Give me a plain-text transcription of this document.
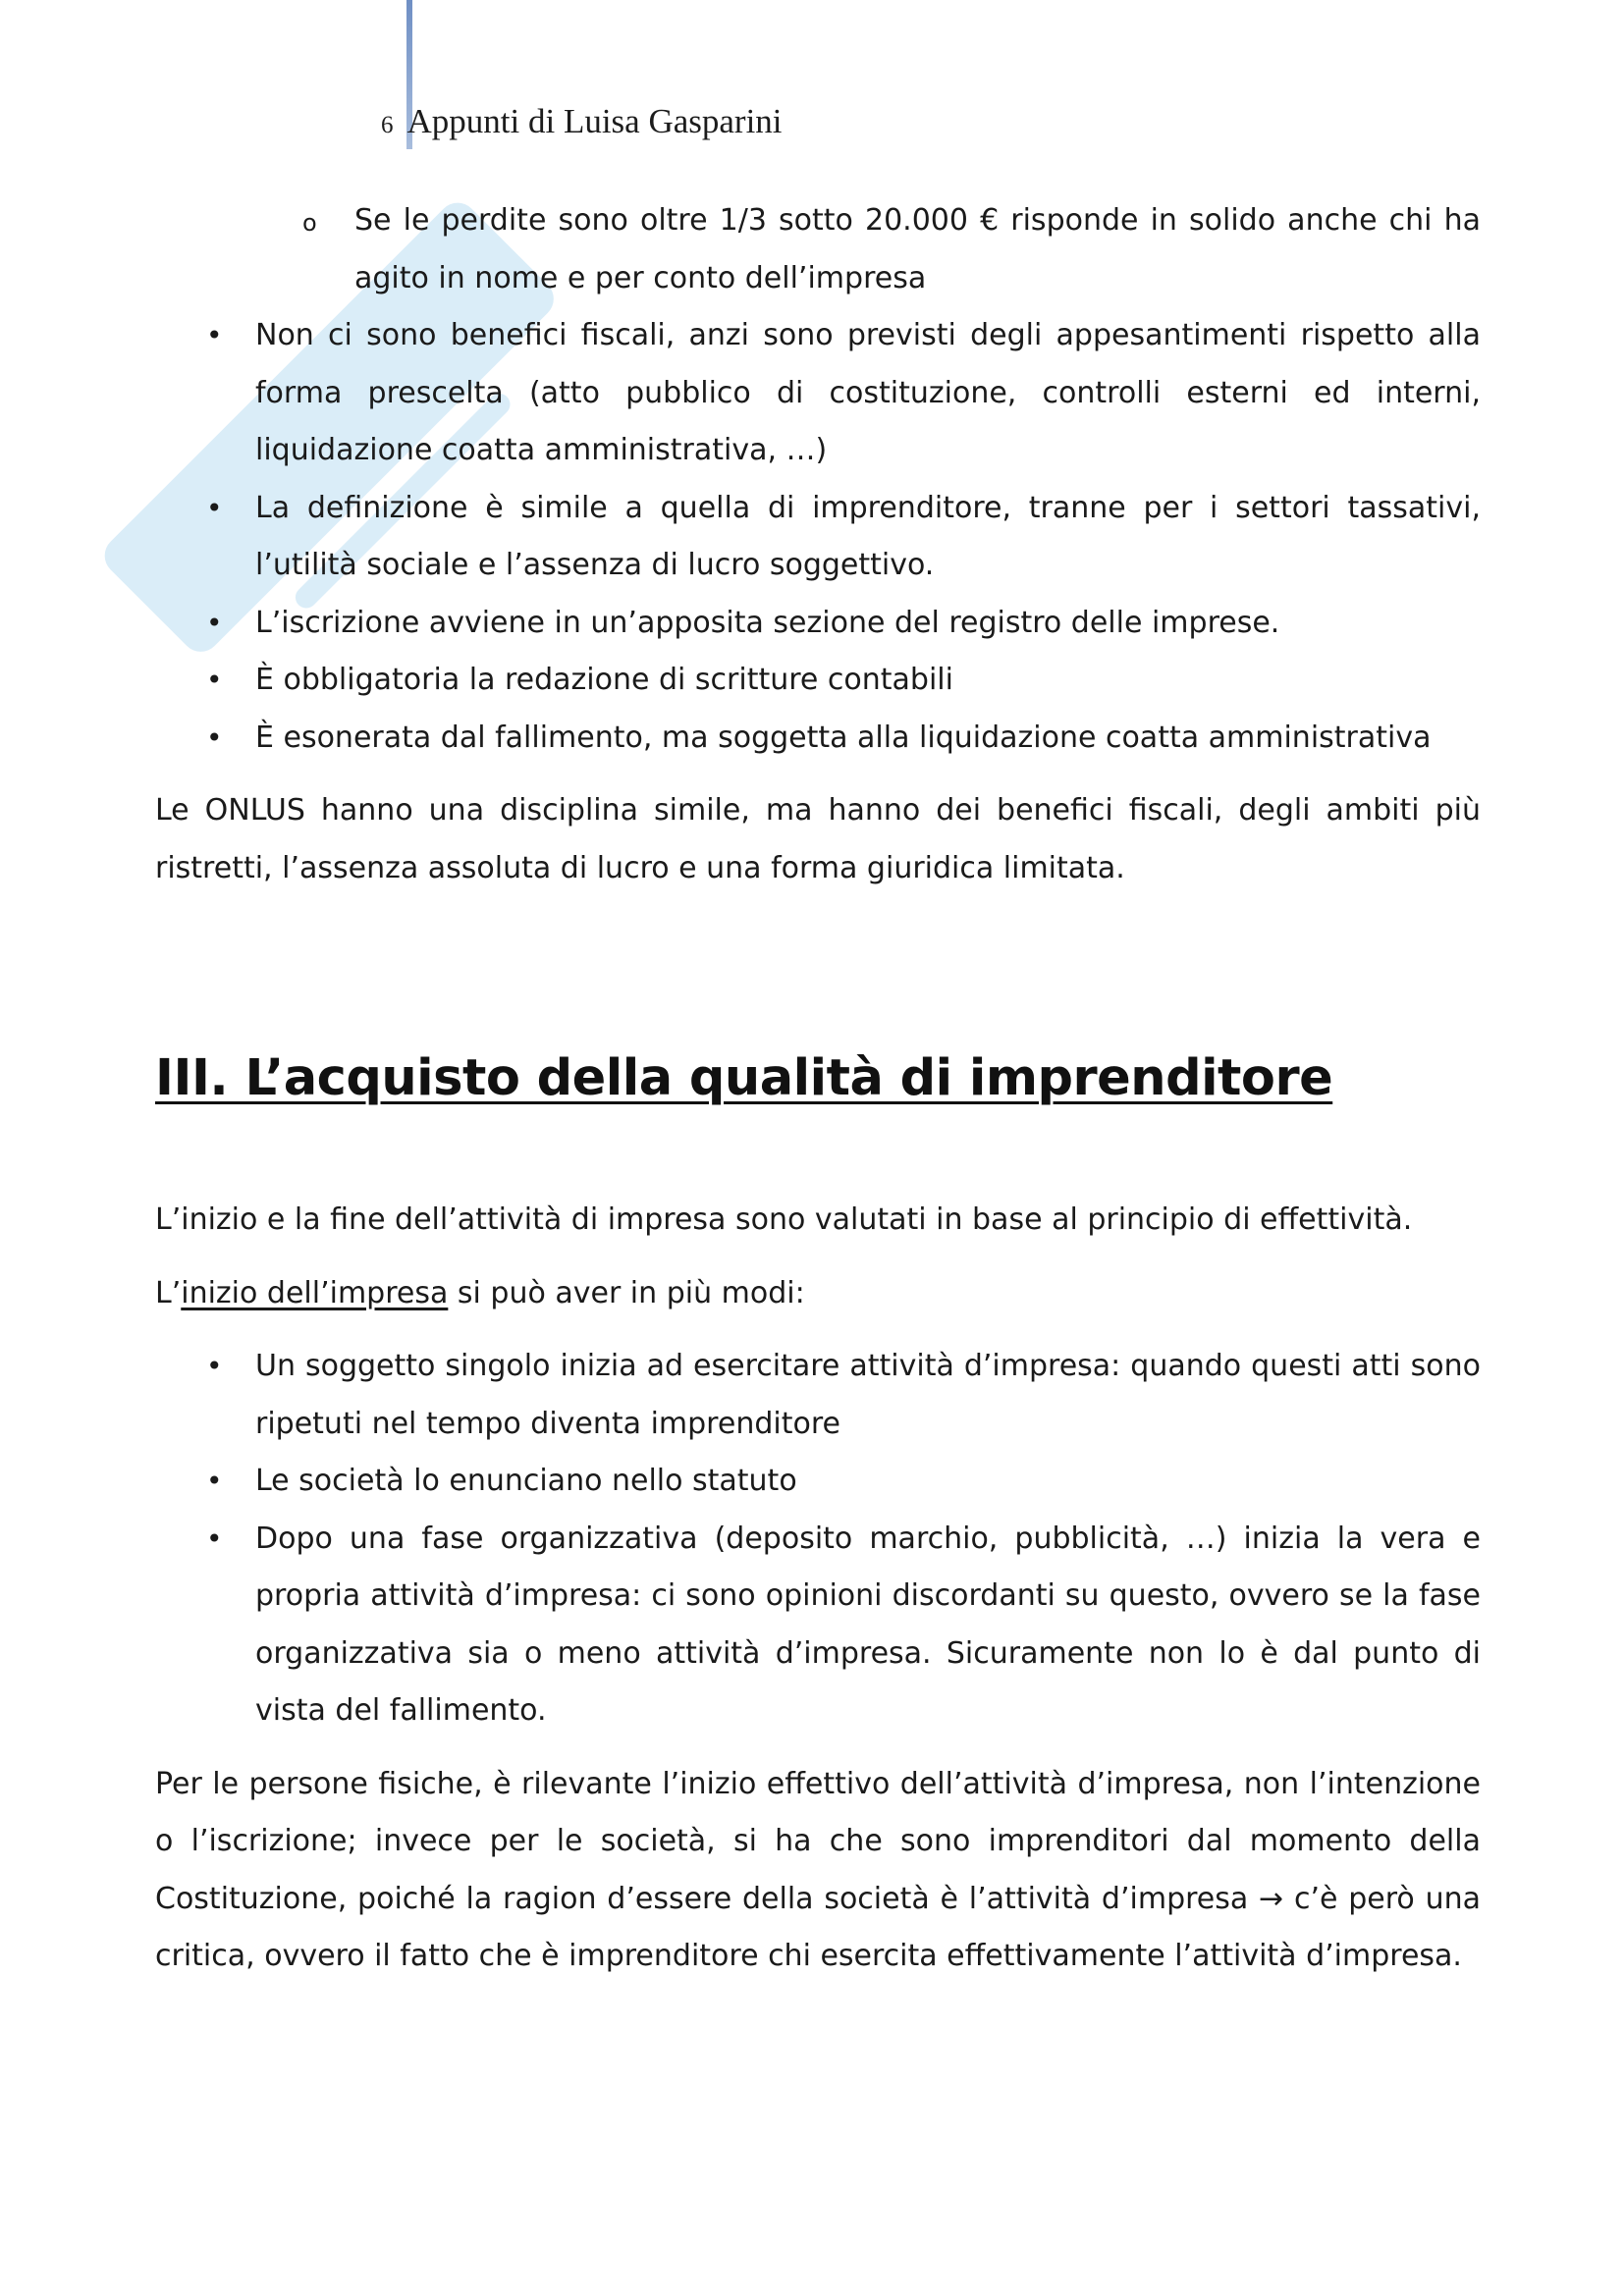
6 Appunti di Luisa Gasparini
o Se le perdite sono oltre 1/3 sotto 20.000 € risponde in solido anche chi ha agito in nome e per conto dell’impresa
• Non ci sono benefici fiscali, anzi sono previsti degli appesantimenti rispetto alla forma prescelta (atto pubblico di costituzione, controlli esterni ed interni, liquidazione coatta amministrativa, …)
• La definizione è simile a quella di imprenditore, tranne per i settori tassativi, l’utilità sociale e l’assenza di lucro soggettivo.
• L’iscrizione avviene in un’apposita sezione del registro delle imprese.
• È obbligatoria la redazione di scritture contabili
• È esonerata dal fallimento, ma soggetta alla liquidazione coatta amministrativa

Le ONLUS hanno una disciplina simile, ma hanno dei benefici fiscali, degli ambiti più ristretti, l’assenza assoluta di lucro e una forma giuridica limitata.

III. L’acquisto della qualità di imprenditore

L’inizio e la fine dell’attività di impresa sono valutati in base al principio di effettività.

L’inizio dell’impresa si può aver in più modi:

• Un soggetto singolo inizia ad esercitare attività d’impresa: quando questi atti sono ripetuti nel tempo diventa imprenditore
• Le società lo enunciano nello statuto
• Dopo una fase organizzativa (deposito marchio, pubblicità, …) inizia la vera e propria attività d’impresa: ci sono opinioni discordanti su questo, ovvero se la fase organizzativa sia o meno attività d’impresa. Sicuramente non lo è dal punto di vista del fallimento.

Per le persone fisiche, è rilevante l’inizio effettivo dell’attività d’impresa, non l’intenzione o l’iscrizione; invece per le società, si ha che sono imprenditori dal momento della Costituzione, poiché la ragion d’essere della società è l’attività d’impresa → c’è però una critica, ovvero il fatto che è imprenditore chi esercita effettivamente l’attività d’impresa.
